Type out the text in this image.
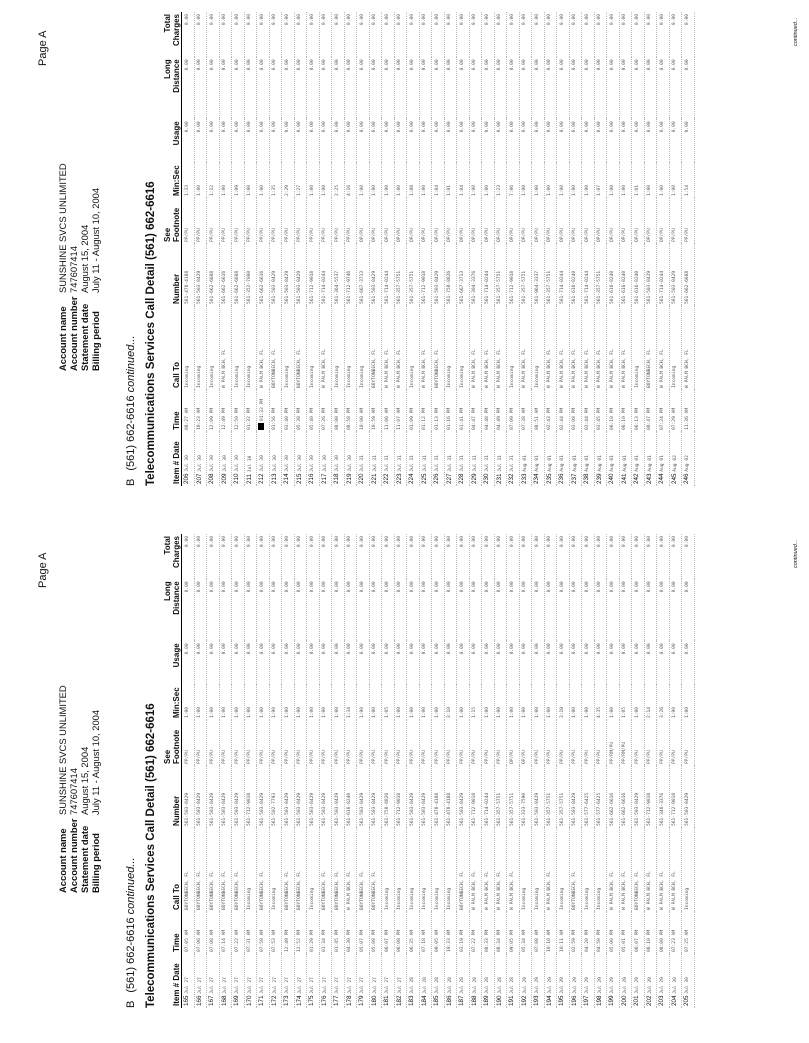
Page A
Account nameSUNSHINE SVCS UNLIMITED
Account number747607414
Statement dateAugust 15, 2004
Billing periodJuly 11 - August 10, 2004
B(561) 662-6616 continued... Telecommunications Services Call Detail (561) 662-6616 Item # Date	Time	Call To	Number	See
Footnote	Min:Sec	Usage	Long
Distance	Total
Charges
165 Jul 27	07:05 AM	BOYTONBECH, FL	561-503-8429	PP/PU	1:00	0.00	0.00	0.00
166 Jul 27	07:06 AM	BOYTONBECH, FL	561-503-8429	PP/PU	1:00	0.00	0.00	0.00
167 Jul 27	07:08 AM	BOYTONBECH, FL	561-503-8429	PP/PU	1:00	0.00	0.00	0.00
168 Jul 27	07:14 AM	BOYTONBECH, FL	561-503-8429	PP/PU	1:00	0.00	0.00	0.00
169 Jul 27	07:22 AM	BOYTONBECH, FL	561-503-8429	PP/PU	1:00	0.00	0.00	0.00
170 Jul 27	07:31 AM	Incoming	561-712-9018	PP/PU	1:00	0.00	0.00	0.00
171 Jul 27	07:50 AM	BOYTONBECH, FL	561-503-8429	PP/PU	1:00	0.00	0.00	0.00
172 Jul 27	07:53 AM	Incoming	561-502-7793	PP/PU	1:00	0.00	0.00	0.00
173 Jul 27	12:49 PM	BOYTONBECH, FL	561-503-8429	PP/PU	1:00	0.00	0.00	0.00
174 Jul 27	12:52 PM	BOYTONBECH, FL	561-503-8429	PP/PU	1:00	0.00	0.00	0.00
175 Jul 27	01:29 PM	Incoming	561-503-8429	PP/PU	1:00	0.00	0.00	0.00
176 Jul 27	01:34 PM	BOYTONBECH, FL	561-503-8429	PP/PU	1:00	0.00	0.00	0.00
177 Jul 27	01:45 PM	BOYTONBECH, FL	561-503-8429	PP/PU	1:00	0.00	0.00	0.00
178 Jul 27	04:30 PM	W PALM BCH, FL	561-616-8240	PP/PU	1:34	0.00	0.00	0.00
179 Jul 27	05:07 PM	BOYTONBECH, FL	561-503-8429	PP/PU	1:00	0.00	0.00	0.00
180 Jul 27	05:08 PM	BOYTONBECH, FL	561-503-8429	PP/PU	1:00	0.00	0.00	0.00
181 Jul 27	06:07 PM	Incoming	561-758-8826	PP/PU	1:05	0.00	0.00	0.00
182 Jul 27	06:08 PM	Incoming	561-712-9018	PP/PU	1:00	0.00	0.00	0.00
183 Jul 28	06:35 AM	Incoming	561-503-8429	PP/PU	1:00	0.00	0.00	0.00
184 Jul 28	07:18 AM	Incoming	561-503-8429	PP/PU	1:00	0.00	0.00	0.00
185 Jul 28	09:05 AM	Incoming	561-478-4188	PP/PU	1:00	0.00	0.00	0.00
186 Jul 28	10:33 AM	Incoming	561-478-4188	PP/PU	3:10	0.00	0.00	0.00
187 Jul 28	03:19 PM	BOYTONBECH, FL	561-503-8429	PP/PU	1:00	0.00	0.00	0.00
188 Jul 28	07:22 PM	W PALM BCH, FL	561-712-9018	PP/PU	1:15	0.00	0.00	0.00
189 Jul 28	08:33 PM	W PALM BCH, FL	561-714-0244	PP/PU	1:00	0.00	0.00	0.00
190 Jul 28	08:34 PM	W PALM BCH, FL	561-357-5751	PP/PU	1:00	0.00	0.00	0.00
191 Jul 28	09:05 PM	W PALM BCH, FL	561-357-5751	OP/PU	1:00	0.00	0.00	0.00
192 Jul 29	05:34 AM	Incoming	561-333-7590	OP/PU	1:00	0.00	0.00	0.00
193 Jul 29	07:08 AM	Incoming	561-503-8429	PP/PU	1:00	0.00	0.00	0.00
194 Jul 29	10:10 AM	W PALM BCH, FL	561-357-5751	PP/PU	1:00	0.00	0.00	0.00
195 Jul 29	10:11 AM	Incoming	561-357-5751	PP/PU	3:19	0.00	0.00	0.00
196 Jul 29	02:59 PM	BOYTONBECH, FL	561-503-8429	PP/PU	1:00	0.00	0.00	0.00
197 Jul 29	04:20 PM	Incoming	561-577-6425	PP/PU	1:00	0.00	0.00	0.00
198 Jul 29	04:50 PM	Incoming	561-577-6425	PP/PU	4:35	0.00	0.00	0.00
199 Jul 29	05:00 PM	W PALM BCH, FL	561-662-6616	PP/RM/PU	1:00	0.00	0.00	0.00
200 Jul 29	05:01 PM	W PALM BCH, FL	561-662-6616	PP/RM/PU	1:05	0.00	0.00	0.00
201 Jul 29	06:07 PM	BOYTONBECH, FL	561-503-8429	PP/PU	1:00	0.00	0.00	0.00
202 Jul 29	06:10 PM	W PALM BCH, FL	561-712-9018	PP/PU	2:14	0.00	0.00	0.00
203 Jul 29	08:00 PM	W PALM BCH, FL	561-346-3376	PP/PU	3:26	0.00	0.00	0.00
204 Jul 30	07:23 AM	W PALM BCH, FL	561-712-9018	PP/PU	1:00	0.00	0.00	0.00
205 Jul 30	07:25 AM	Incoming	561-503-8429	PP/PU	1:00	0.00	0.00	0.00	continued...
Page A
Account nameSUNSHINE SVCS UNLIMITED
Account number747607414
Statement dateAugust 15, 2004
Billing periodJuly 11 - August 10, 2004
B(561) 662-6616 continued... Telecommunications Services Call Detail (561) 662-6616 Item # Date	Time	Call To	Number	See
Footnote	Min:Sec	Usage	Long
Distance	Total
Charges
206 Jul 30	08:27 AM	Incoming	561-478-4188	PP/PU	1:33	0.00	0.00	0.00
207 Jul 30	10:23 AM	Incoming	561-503-8429	PP/PU	1:00	0.00	0.00	0.00
208 Jul 30	12:09 PM	Incoming	561-662-6688	PP/PU	1:12	0.00	0.00	0.00
209 Jul 30	12:49 PM	W PALM BCH, FL	561-662-6616	PP/PU	1:00	0.00	0.00	0.00
210 Jul 30	12:50 PM	Incoming	561-662-6688	PP/PU	1:09	0.00	0.00	0.00
211 Jul 30	01:32 PM	Incoming	561-352-7000	PP/PU	1:00	0.00	0.00	0.00
212 Jul 30	01:32 PM	W PALM BCH, FL	561-662-6616	PP/PU	1:00	0.00	0.00	0.00
213 Jul 30	01:56 PM	BOYTONBECH, FL	561-503-8429	PP/PU	1:35	0.00	0.00	0.00
214 Jul 30	03:40 PM	Incoming	561-503-8429	PP/PU	2:29	0.00	0.00	0.00
215 Jul 30	05:38 PM	BOYTONBECH, FL	561-503-8429	PP/PU	1:27	0.00	0.00	0.00
216 Jul 30	05:40 PM	Incoming	561-712-9018	PP/PU	1:00	0.00	0.00	0.00
217 Jul 30	07:26 PM	W PALM BCH, FL	561-714-0244	PP/PU	1:00	0.00	0.00	0.00
218 Jul 30	08:00 PM	Incoming	561-364-5537	PP/PU	2:25	0.00	0.00	0.00
219 Jul 30	08:58 PM	Incoming	561-712-9746	PP/PU	4:16	0.00	0.00	0.00
220 Jul 31	10:00 AM	Incoming	561-667-3713	OP/PU	1:00	0.00	0.00	0.00
221 Jul 31	10:59 AM	BOYTONBECH, FL	561-503-8429	OP/PU	1:00	0.00	0.00	0.00
222 Jul 31	11:06 AM	W PALM BCH, FL	561-714-0244	OP/PU	1:00	0.00	0.00	0.00
223 Jul 31	11:07 AM	W PALM BCH, FL	561-357-5751	OP/PU	1:00	0.00	0.00	0.00
224 Jul 31	01:09 PM	Incoming	561-357-5751	OP/PU	1:08	0.00	0.00	0.00
225 Jul 31	01:12 PM	W PALM BCH, FL	561-712-9018	OP/PU	1:00	0.00	0.00	0.00
226 Jul 31	01:13 PM	BOYTONBECH, FL	561-503-8429	OP/PU	1:04	0.00	0.00	0.00
227 Jul 31	01:16 PM	Incoming	561-758-8826	OP/PU	1:01	0.00	0.00	0.00
228 Jul 31	01:41 PM	Incoming	561-667-3713	OP/PU	1:04	0.00	0.00	0.00
229 Jul 31	04:47 PM	W PALM BCH, FL	561-304-3376	OP/PU	1:00	0.00	0.00	0.00
230 Jul 31	04:48 PM	W PALM BCH, FL	561-714-0244	OP/PU	1:00	0.00	0.00	0.00
231 Jul 31	04:49 PM	W PALM BCH, FL	561-357-5751	OP/PU	1:23	0.00	0.00	0.00
232 Jul 31	07:09 PM	Incoming	561-712-9018	OP/PU	7:06	0.00	0.00	0.00
233 Aug 01	07:38 AM	W PALM BCH, FL	561-357-5751	OP/PU	1:00	0.00	0.00	0.00
234 Aug 01	08:51 AM	Incoming	561-964-3337	OP/PU	1:00	0.00	0.00	0.00
235 Aug 01	02:43 PM	W PALM BCH, FL	561-357-5751	OP/PU	1:00	0.00	0.00	0.00
236 Aug 01	02:44 PM	W PALM BCH, FL	561-714-0244	OP/PU	1:00	0.00	0.00	0.00
237 Aug 01	03:08 PM	W PALM BCH, FL	561-616-8240	OP/PU	1:00	0.00	0.00	0.00
238 Aug 01	03:44 PM	W PALM BCH, FL	561-714-0244	OP/PU	1:00	0.00	0.00	0.00
239 Aug 01	03:45 PM	W PALM BCH, FL	561-357-5751	OP/PU	1:07	0.00	0.00	0.00
240 Aug 01	06:10 PM	W PALM BCH, FL	561-616-8240	OP/PU	1:00	0.00	0.00	0.00
241 Aug 01	06:10 PM	W PALM BCH, FL	561-616-8240	OP/PU	1:00	0.00	0.00	0.00
242 Aug 01	06:13 PM	Incoming	561-616-8240	OP/PU	1:01	0.00	0.00	0.00
243 Aug 01	06:47 PM	BOYTONBECH, FL	561-503-8429	OP/PU	1:00	0.00	0.00	0.00
244 Aug 01	07:24 PM	W PALM BCH, FL	561-714-0244	OP/PU	1:00	0.00	0.00	0.00
245 Aug 02	07:29 AM	Incoming	561-503-8429	PP/PU	1:00	0.00	0.00	0.00
246 Aug 02	11:36 AM	W PALM BCH, FL	561-662-6688	PP/PU	1:54	0.00	0.00	0.00	continued...
